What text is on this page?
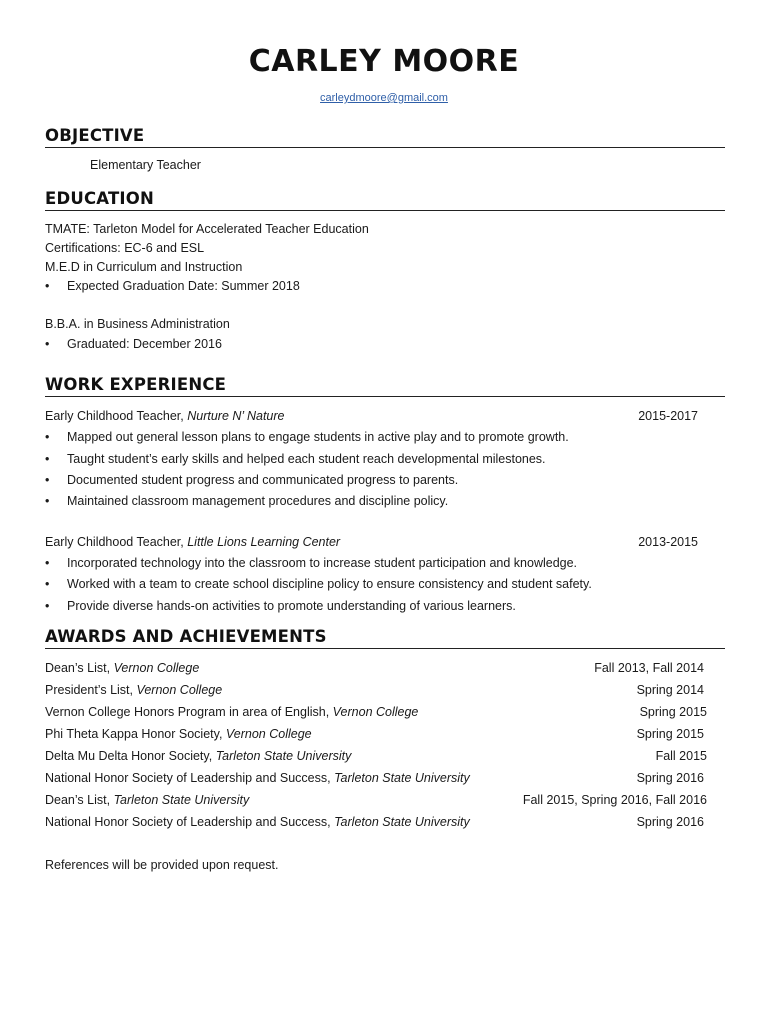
CARLEY MOORE
carleydmoore@gmail.com
OBJECTIVE
Elementary Teacher
EDUCATION
TMATE: Tarleton Model for Accelerated Teacher Education
Certifications: EC-6 and ESL
M.E.D in Curriculum and Instruction
• Expected Graduation Date: Summer 2018
B.B.A. in Business Administration
• Graduated: December 2016
WORK EXPERIENCE
Early Childhood Teacher, Nurture N’ Nature	2015-2017
• Mapped out general lesson plans to engage students in active play and to promote growth.
• Taught student’s early skills and helped each student reach developmental milestones.
• Documented student progress and communicated progress to parents.
• Maintained classroom management procedures and discipline policy.
Early Childhood Teacher, Little Lions Learning Center	2013-2015
• Incorporated technology into the classroom to increase student participation and knowledge.
• Worked with a team to create school discipline policy to ensure consistency and student safety.
• Provide diverse hands-on activities to promote understanding of various learners.
AWARDS AND ACHIEVEMENTS
Dean’s List, Vernon College	Fall 2013, Fall 2014
President’s List, Vernon College	Spring 2014
Vernon College Honors Program in area of English, Vernon College	Spring 2015
Phi Theta Kappa Honor Society, Vernon College	Spring 2015
Delta Mu Delta Honor Society, Tarleton State University	Fall 2015
National Honor Society of Leadership and Success, Tarleton State University	Spring 2016
Dean’s List, Tarleton State University	Fall 2015, Spring 2016, Fall 2016
National Honor Society of Leadership and Success, Tarleton State University	Spring 2016
References will be provided upon request.
